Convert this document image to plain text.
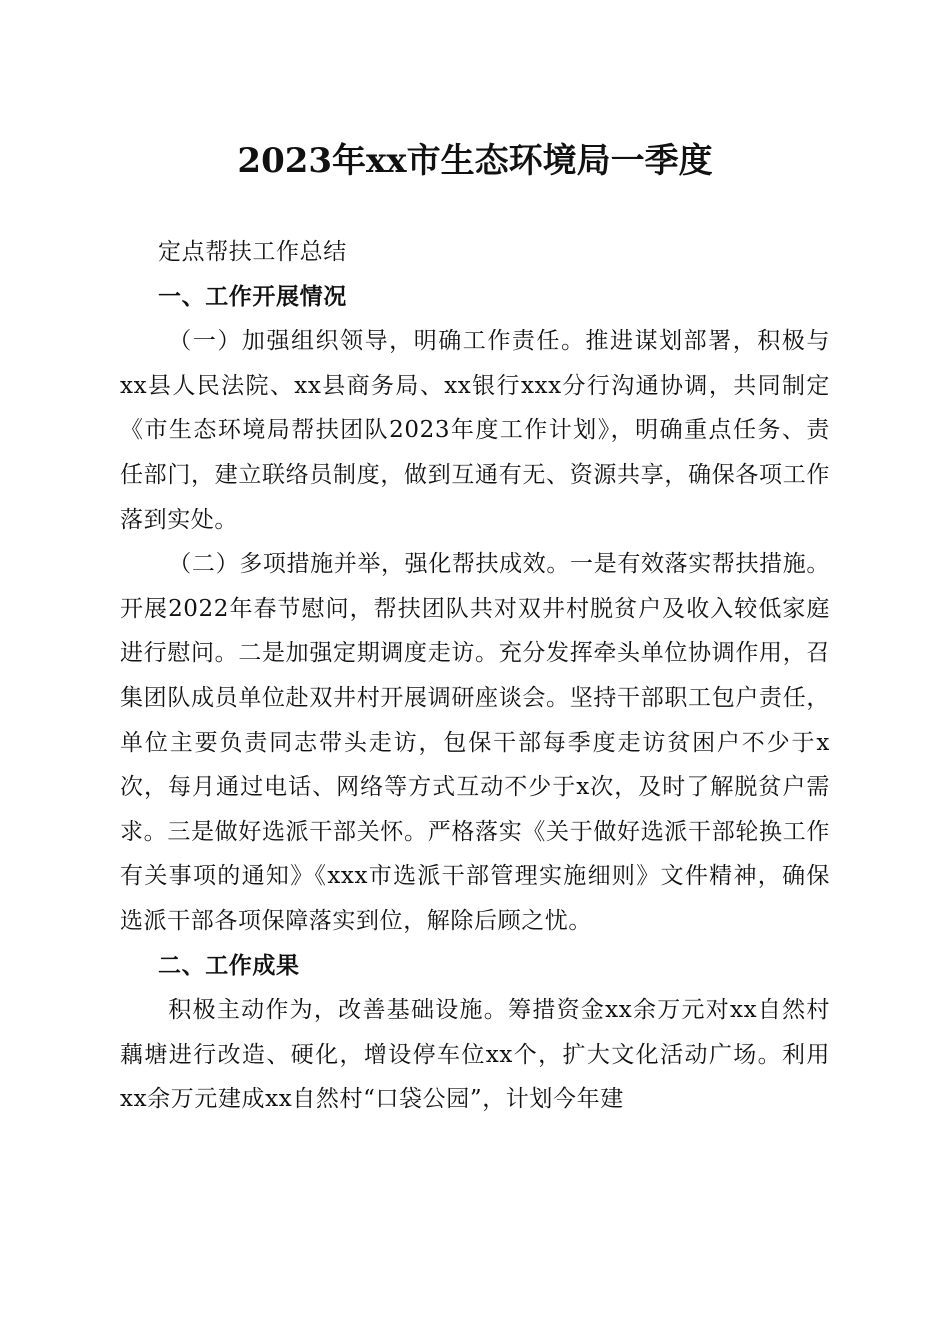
2023年xx市生态环境局一季度

定点帮扶工作总结

一、工作开展情况

（一）加强组织领导，明确工作责任。推进谋划部署，积极与xx县人民法院、xx县商务局、xx银行xxx分行沟通协调，共同制定《市生态环境局帮扶团队2023年度工作计划》，明确重点任务、责任部门，建立联络员制度，做到互通有无、资源共享，确保各项工作落到实处。

（二）多项措施并举，强化帮扶成效。一是有效落实帮扶措施。开展2022年春节慰问，帮扶团队共对双井村脱贫户及收入较低家庭进行慰问。二是加强定期调度走访。充分发挥牵头单位协调作用，召集团队成员单位赴双井村开展调研座谈会。坚持干部职工包户责任，单位主要负责同志带头走访，包保干部每季度走访贫困户不少于x次，每月通过电话、网络等方式互动不少于x次，及时了解脱贫户需求。三是做好选派干部关怀。严格落实《关于做好选派干部轮换工作有关事项的通知》《xxx市选派干部管理实施细则》文件精神，确保选派干部各项保障落实到位，解除后顾之忧。

二、工作成果

积极主动作为，改善基础设施。筹措资金xx余万元对xx自然村藕塘进行改造、硬化，增设停车位xx个，扩大文化活动广场。利用xx余万元建成xx自然村“口袋公园”，计划今年建
